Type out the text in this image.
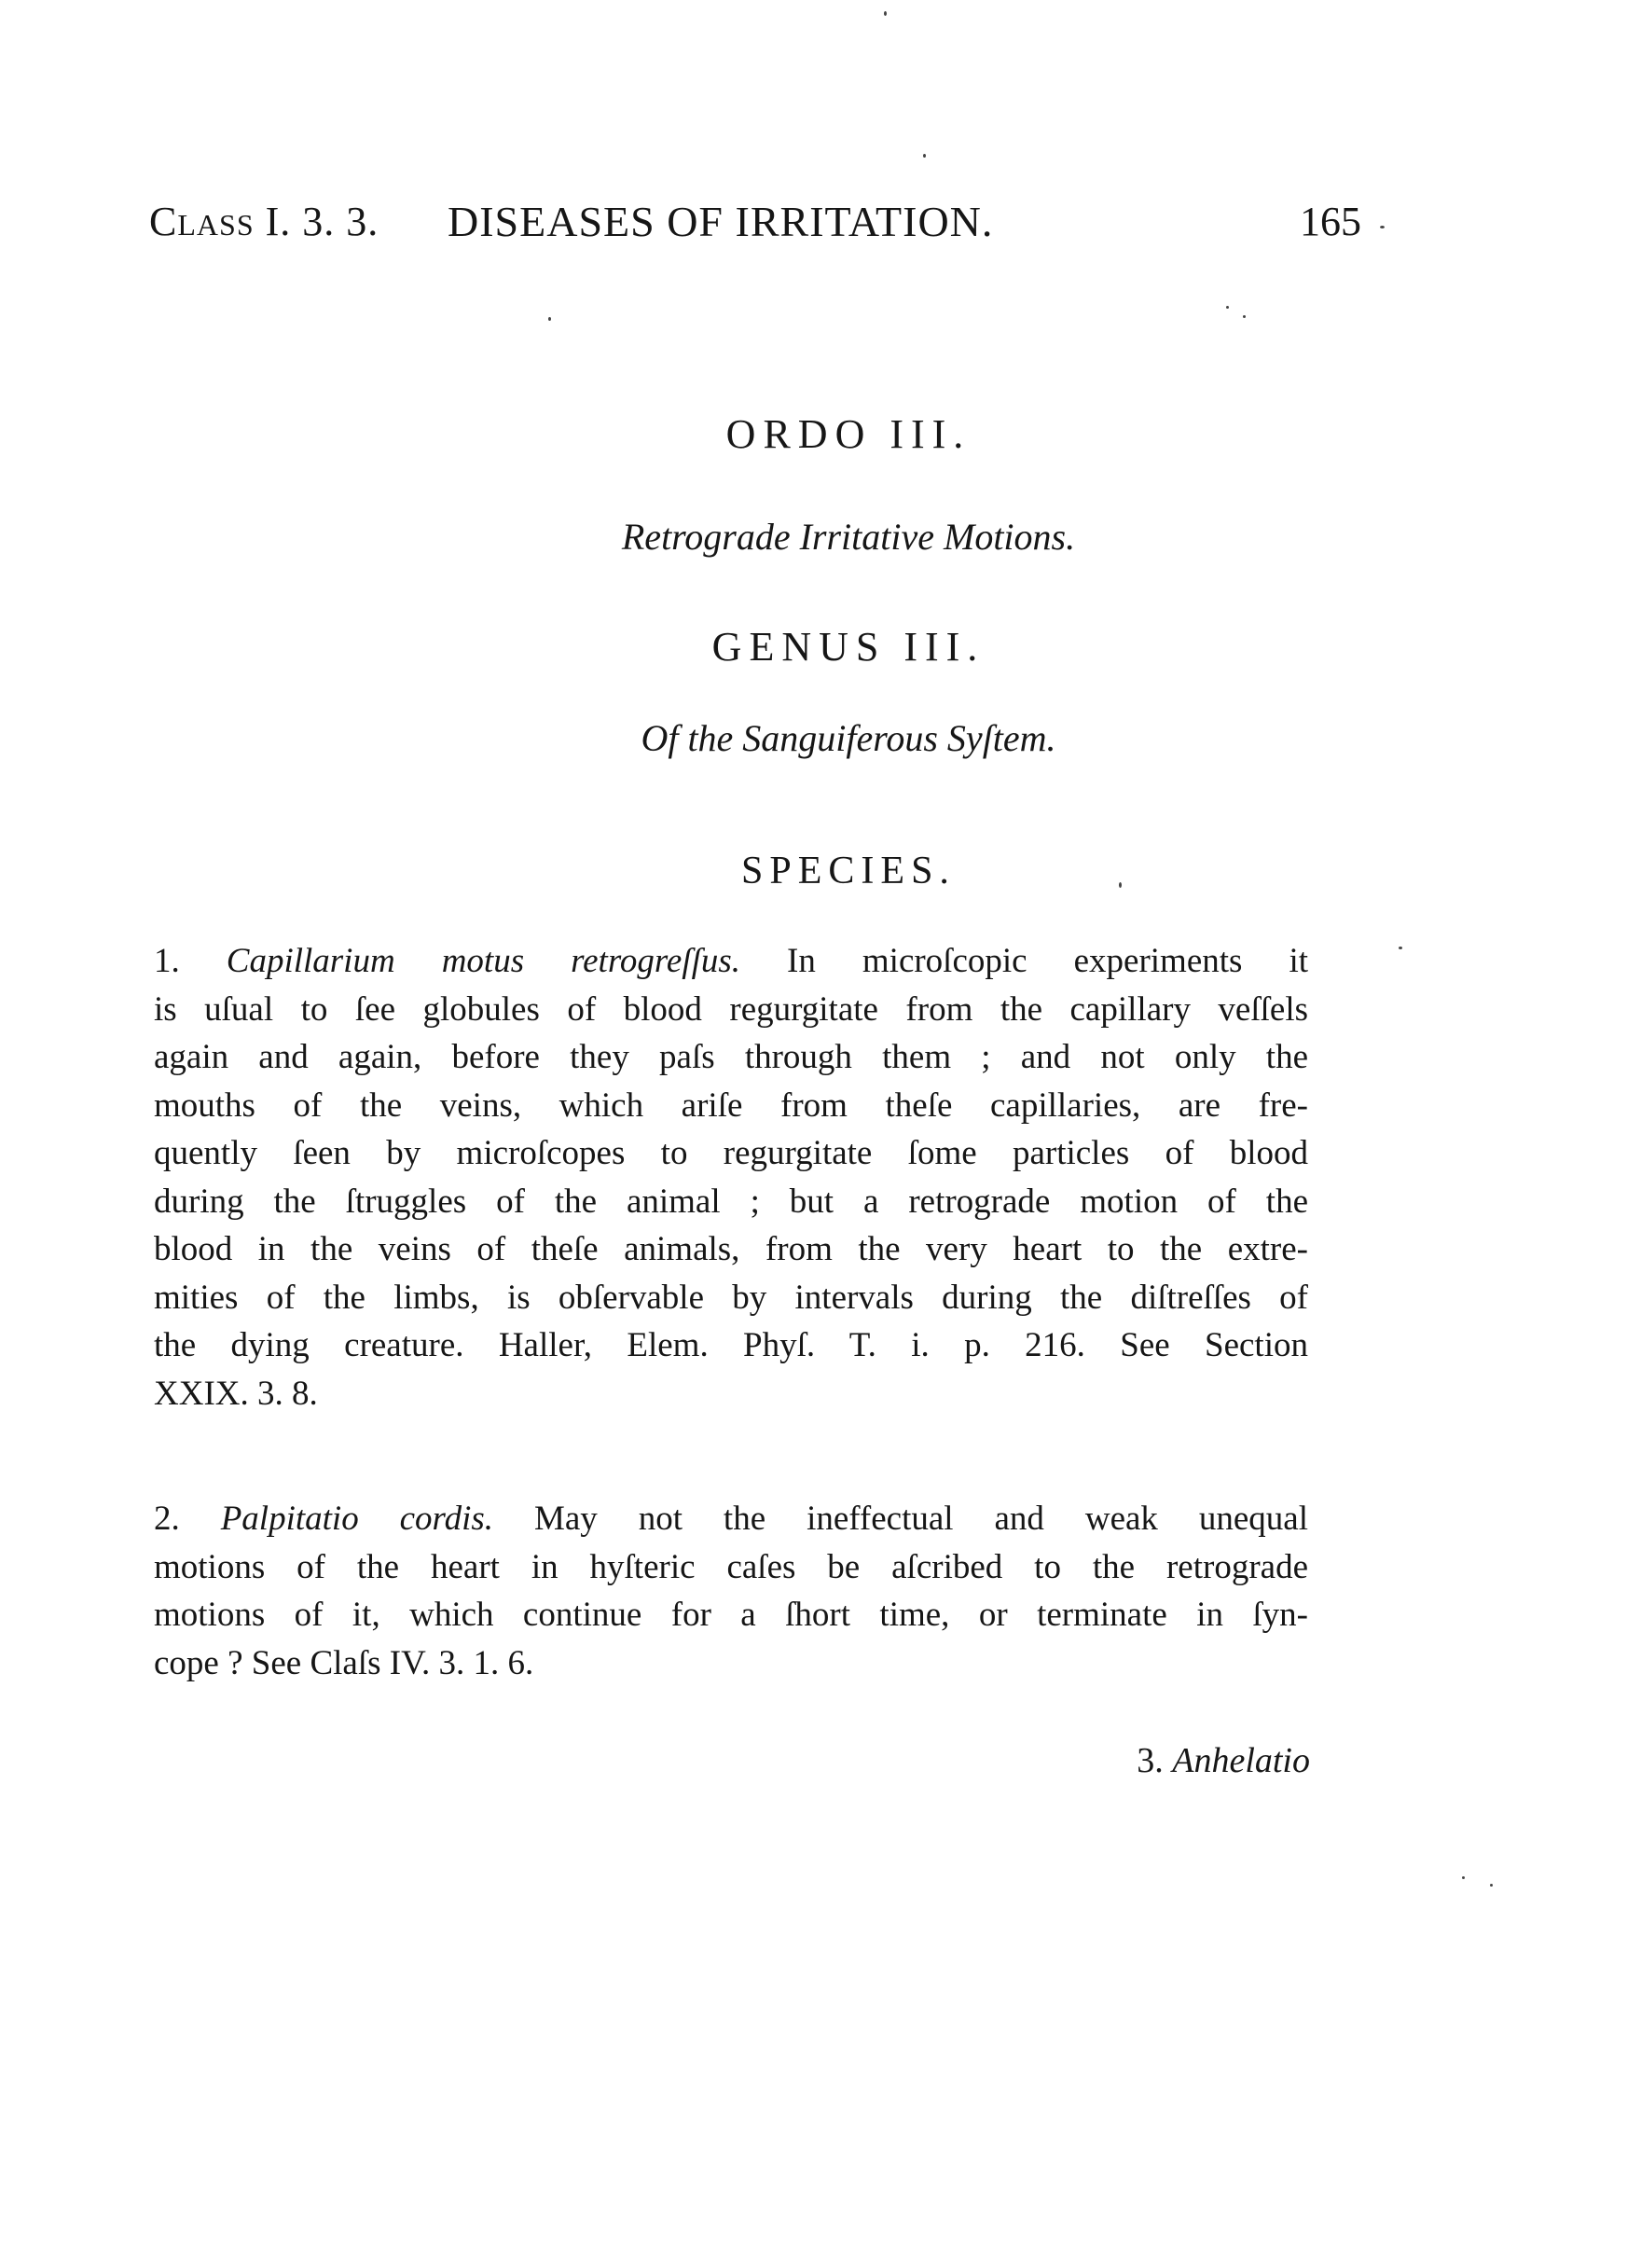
CLASS I. 3. 3. DISEASES OF IRRITATION.	165
ORDO III.
Retrograde Irritative Motions.
GENUS III.
Of the Sanguiferous Syſtem.
SPECIES.
1. Capillarium motus retrogreſſus. In microſcopic experiments it
is uſual to ſee globules of blood regurgitate from the capillary veſſels
again and again, before they paſs through them ; and not only the
mouths of the veins, which ariſe from theſe capillaries, are fre-
quently ſeen by microſcopes to regurgitate ſome particles of blood
during the ſtruggles of the animal ; but a retrograde motion of the
blood in the veins of theſe animals, from the very heart to the extre-
mities of the limbs, is obſervable by intervals during the diſtreſſes of
the dying creature. Haller, Elem. Phyſ. T. i. p. 216. See Section
XXIX. 3. 8.
2. Palpitatio cordis. May not the ineffectual and weak unequal
motions of the heart in hyſteric caſes be aſcribed to the retrograde
motions of it, which continue for a ſhort time, or terminate in ſyn-
cope ? See Claſs IV. 3. 1. 6.
3. Anhelatio
